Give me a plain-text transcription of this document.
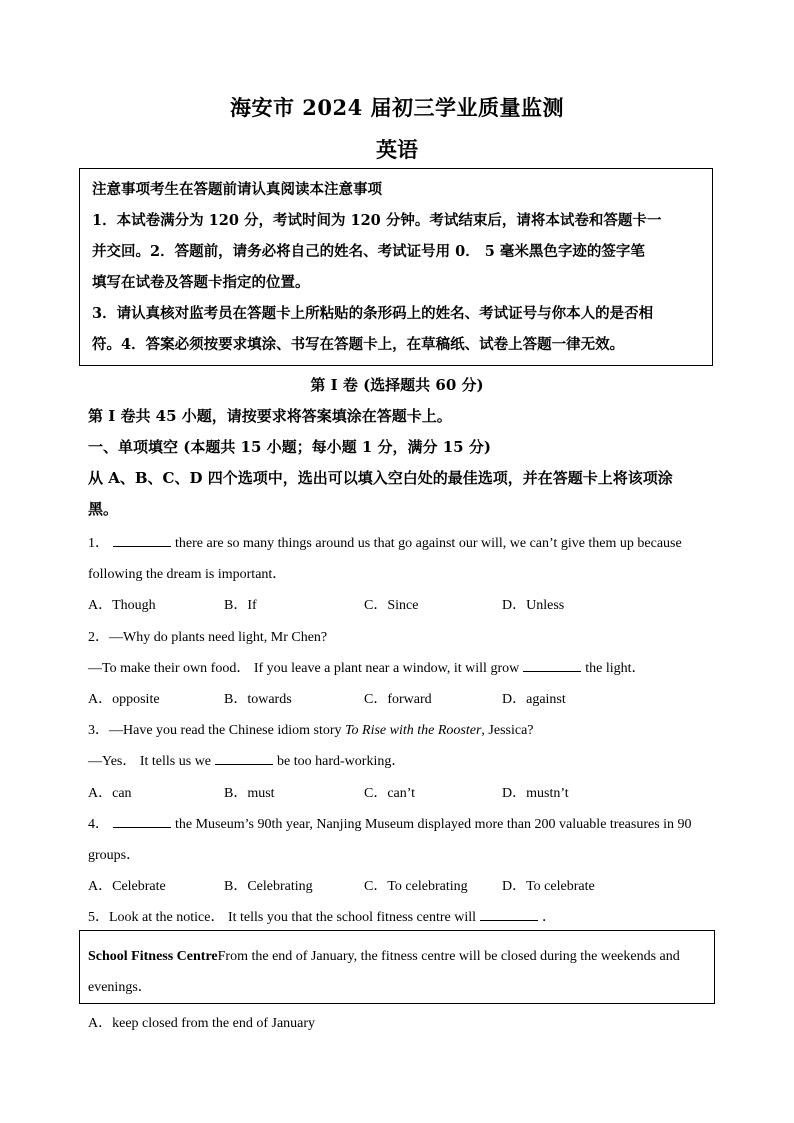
海安市 2024 届初三学业质量监测
英语

注意事项考生在答题前请认真阅读本注意事项

1．本试卷满分为 120 分，考试时间为 120 分钟。考试结束后，请将本试卷和答题卡一

并交回。2．答题前，请务必将自己的姓名、考试证号用 0． 5 毫米黑色字迹的签字笔

填写在试卷及答题卡指定的位置。

3．请认真核对监考员在答题卡上所粘贴的条形码上的姓名、考试证号与你本人的是否相

符。4．答案必须按要求填涂、书写在答题卡上，在草稿纸、试卷上答题一律无效。

第 I 卷 (选择题共 60 分)
第 I 卷共 45 小题，请按要求将答案填涂在答题卡上。
一、单项填空 (本题共 15 小题；每小题 1 分，满分 15 分)
从 A、B、C、D 四个选项中，选出可以填入空白处的最佳选项，并在答题卡上将该项涂
黑。
1．	there are so many things around us that go against our will, we can’t give them up because
following the dream is important．
A．Though	B．If	C．Since	D．Unless
2．—Why do plants need light, Mr Chen?
—To make their own food． If you leave a plant near a window, it will grow	the light．
A．opposite	B．towards	C．forward	D．against
3．—Have you read the Chinese idiom story To Rise with the Rooster, Jessica?
—Yes． It tells us we	be too hard-working．
A．can	B．must	C．can’t	D．mustn’t
4．	the Museum’s 90th year, Nanjing Museum displayed more than 200 valuable treasures in 90
groups．
A．Celebrate	B．Celebrating	C．To celebrating D．To celebrate
5．Look at the notice． It tells you that the school fitness centre will	．
School Fitness CentreFrom the end of January, the fitness centre will be closed during the weekends and
evenings．
A．keep closed from the end of January
